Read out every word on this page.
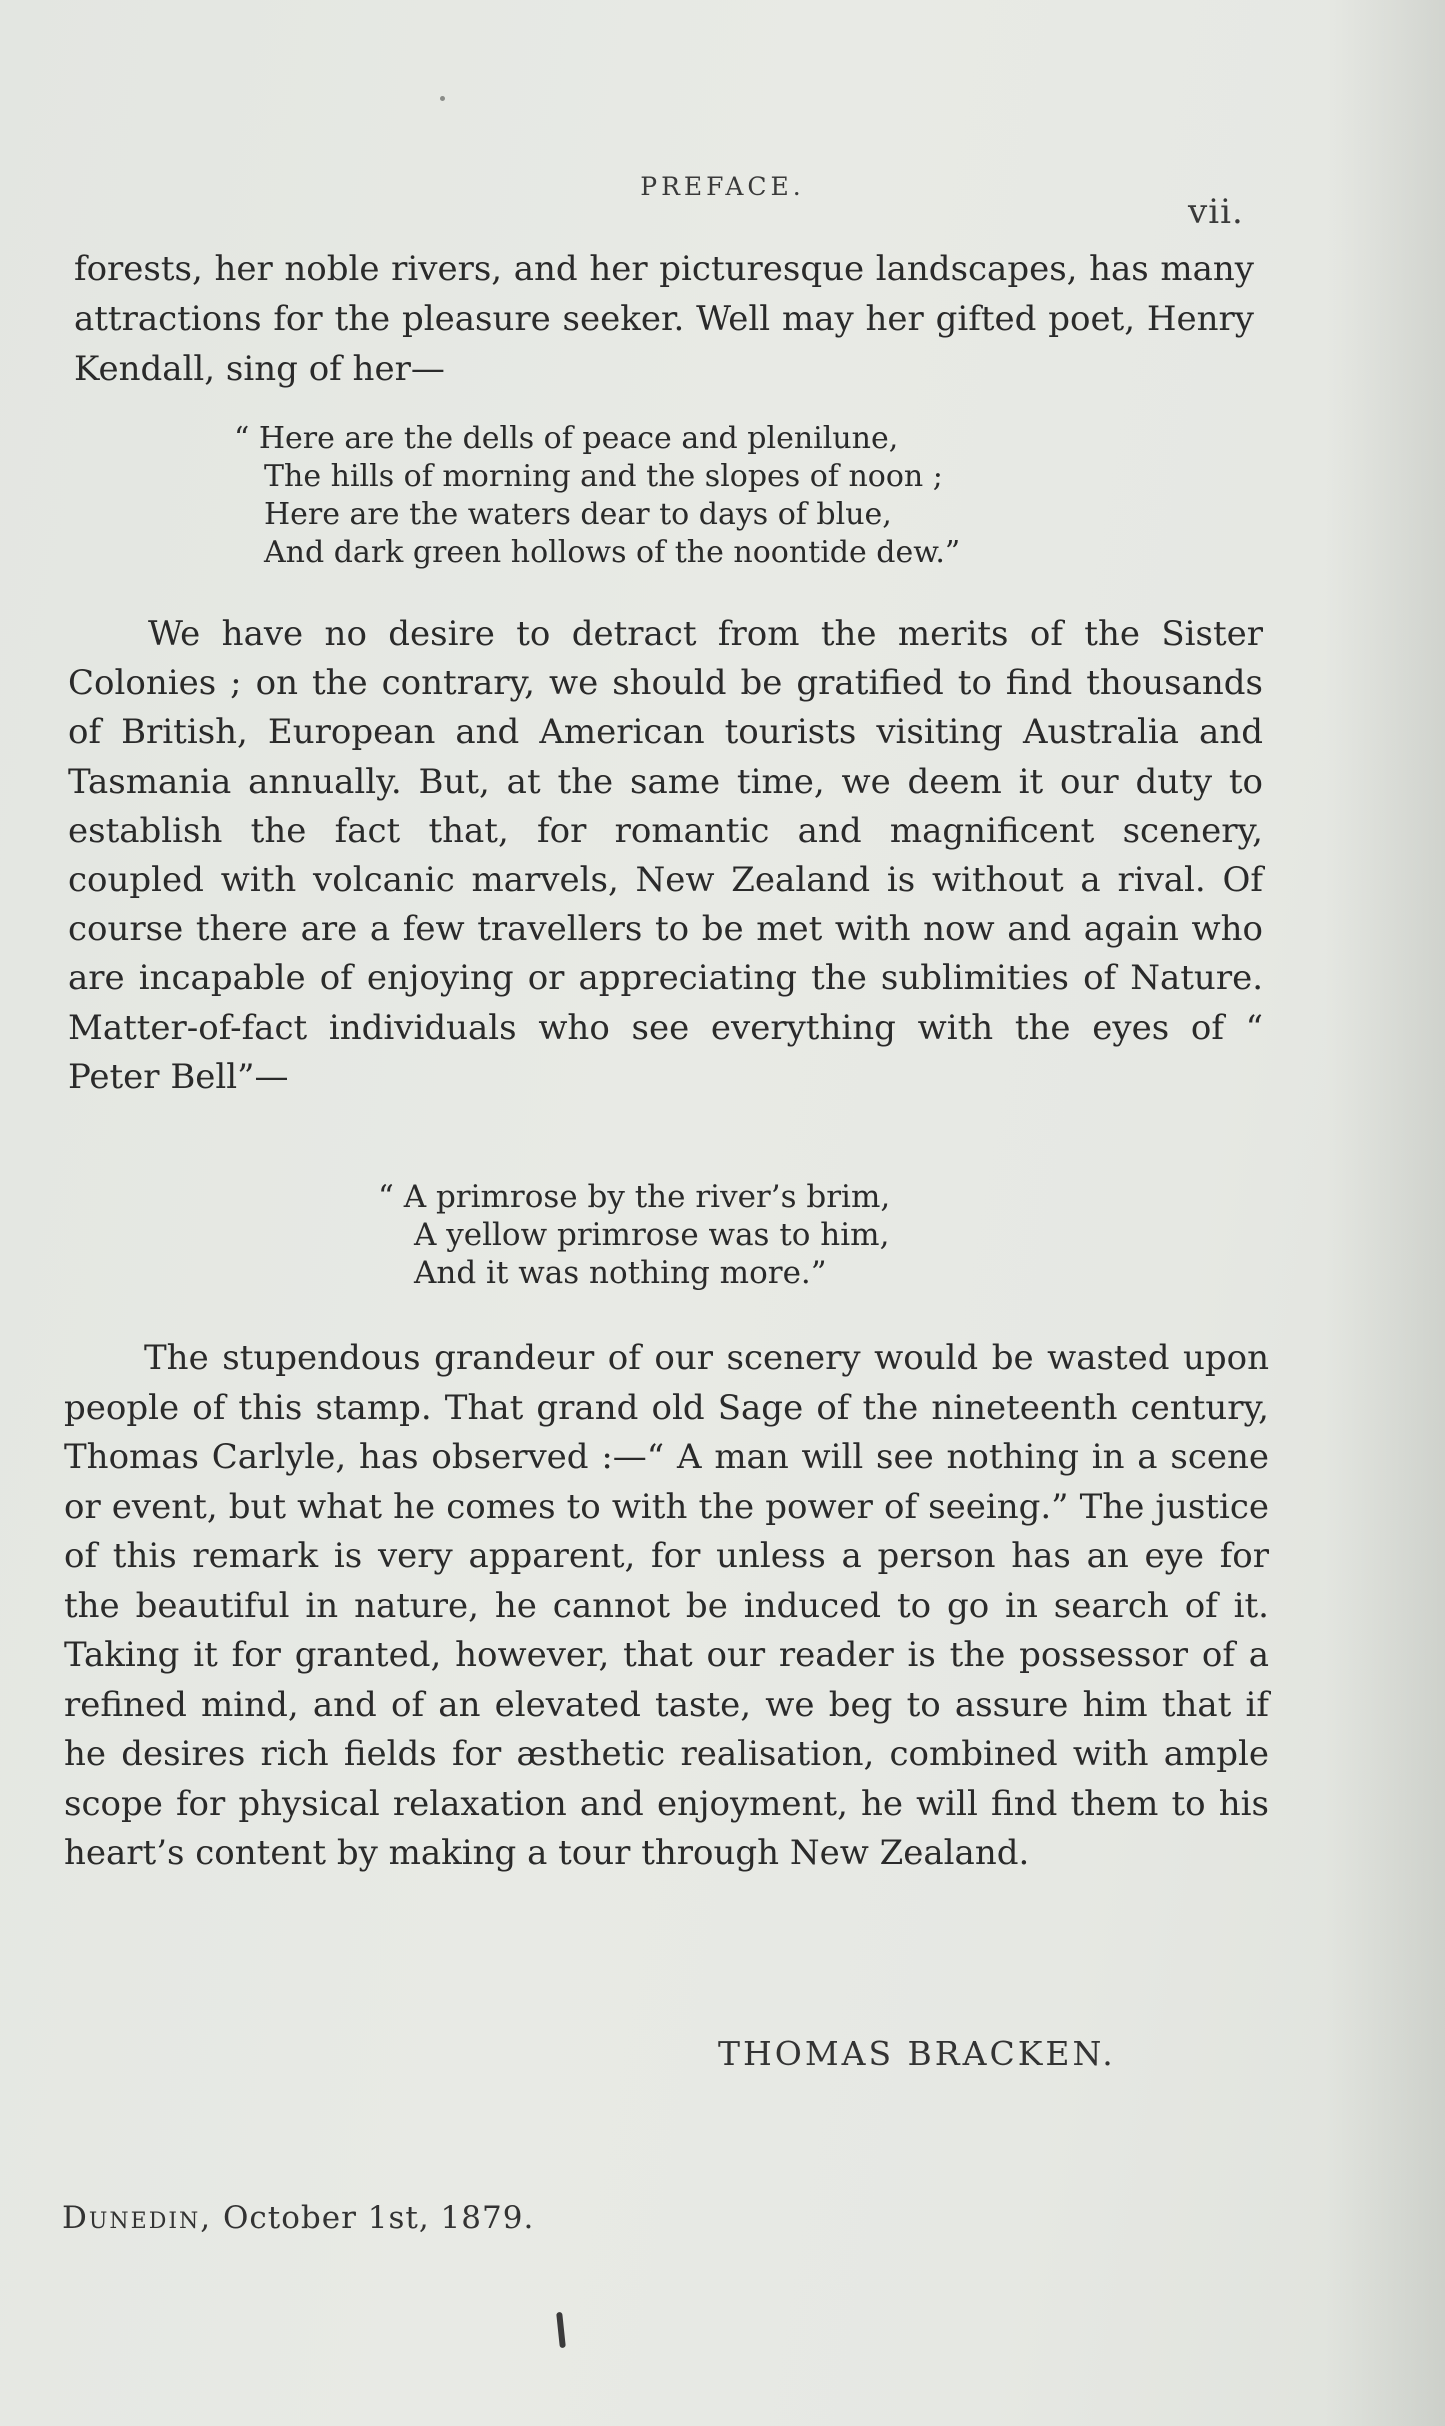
PREFACE.
vii.

forests, her noble rivers, and her picturesque landscapes, has many attractions for the pleasure seeker. Well may her gifted poet, Henry Kendall, sing of her—

“ Here are the dells of peace and plenilune,
The hills of morning and the slopes of noon ;
Here are the waters dear to days of blue,
And dark green hollows of the noontide dew.”

We have no desire to detract from the merits of the Sister Colonies ; on the contrary, we should be gratified to find thousands of British, European and American tourists visiting Australia and Tasmania annually. But, at the same time, we deem it our duty to establish the fact that, for romantic and magnificent scenery, coupled with volcanic marvels, New Zealand is without a rival. Of course there are a few travellers to be met with now and again who are incapable of enjoying or appreciating the sublimities of Nature. Matter-of-fact individuals who see everything with the eyes of “ Peter Bell”—

“ A primrose by the river’s brim,
A yellow primrose was to him,
And it was nothing more.”

The stupendous grandeur of our scenery would be wasted upon people of this stamp. That grand old Sage of the nineteenth century, Thomas Carlyle, has observed :—“ A man will see nothing in a scene or event, but what he comes to with the power of seeing.” The justice of this remark is very apparent, for unless a person has an eye for the beautiful in nature, he cannot be induced to go in search of it. Taking it for granted, however, that our reader is the possessor of a refined mind, and of an elevated taste, we beg to assure him that if he desires rich fields for æsthetic realisation, combined with ample scope for physical relaxation and enjoyment, he will find them to his heart’s content by making a tour through New Zealand.

THOMAS BRACKEN.
Dunedin, October 1st, 1879.
